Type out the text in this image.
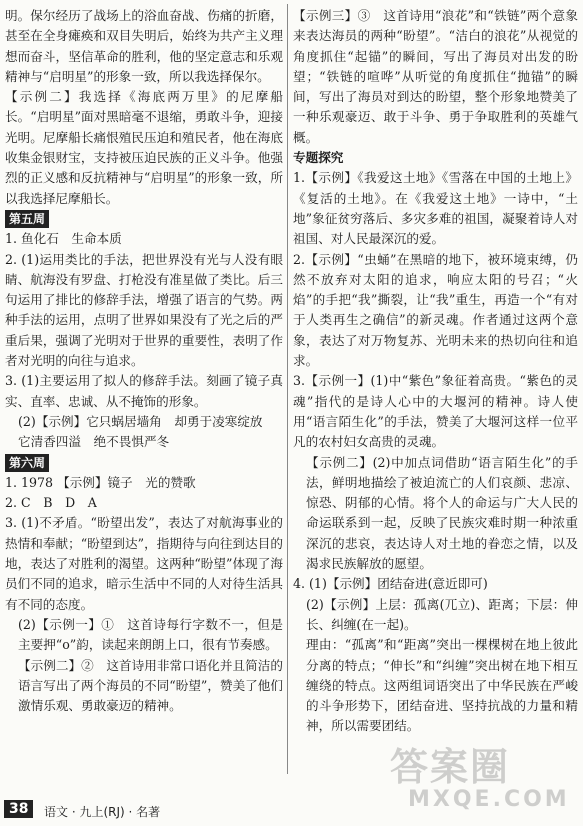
明。保尔经历了战场上的浴血奋战、伤痛的折磨，甚至在全身瘫痪和双目失明后，始终为共产主义理想而奋斗，坚信革命的胜利，他的坚定意志和乐观精神与“启明星”的形象一致，所以我选择保尔。

【示例二】我选择《海底两万里》的尼摩船长。“启明星”面对黑暗毫不退缩，勇敢斗争，迎接光明。尼摩船长痛恨殖民压迫和殖民者，他在海底收集金银财宝，支持被压迫民族的正义斗争。他强烈的正义感和反抗精神与“启明星”的形象一致，所以我选择尼摩船长。

第五周

1. 鱼化石　生命本质

2. (1)运用类比的手法，把世界没有光与人没有眼睛、航海没有罗盘、打枪没有准星做了类比。后三句运用了排比的修辞手法，增强了语言的气势。两种手法的运用，点明了世界如果没有了光之后的严重后果，强调了光明对于世界的重要性，表明了作者对光明的向往与追求。

3. (1)主要运用了拟人的修辞手法。刻画了镜子真实、直率、忠诚、从不掩饰的形象。

(2)【示例】它只蜗居墙角　却勇于凌寒绽放

它清香四溢　绝不畏惧严冬

第六周

1. 1978 【示例】镜子　光的赞歌

2. C　B　D　A

3. (1)不矛盾。“盼望出发”，表达了对航海事业的热情和奉献；“盼望到达”，指期待与向往到达目的地，表达了对胜利的渴望。这两种“盼望”体现了海员们不同的追求，暗示生活中不同的人对待生活具有不同的态度。

(2)【示例一】①　这首诗每行字数不一，但是主要押“o”韵，读起来朗朗上口，很有节奏感。

【示例二】②　这首诗用非常口语化并且简洁的语言写出了两个海员的不同“盼望”，赞美了他们激情乐观、勇敢豪迈的精神。

【示例三】③　这首诗用“浪花”和“铁链”两个意象来表达海员的两种“盼望”。“洁白的浪花”从视觉的角度抓住“起锚”的瞬间，写出了海员对出发的盼望；“铁链的喧哗”从听觉的角度抓住“抛锚”的瞬间，写出了海员对到达的盼望，整个形象地赞美了一种乐观豪迈、敢于斗争、勇于争取胜利的英雄气概。

专题探究

1.【示例】《我爱这土地》《雪落在中国的土地上》《复活的土地》。在《我爱这土地》一诗中，“土地”象征贫穷落后、多灾多难的祖国，凝聚着诗人对祖国、对人民最深沉的爱。

2.【示例】“虫蛹”在黑暗的地下，被环境束缚，仍然不放弃对太阳的追求，响应太阳的号召；“火焰”的手把“我”撕裂，让“我”重生，再造一个“有对于人类再生之确信”的新灵魂。作者通过这两个意象，表达了对万物复苏、光明未来的热切向往和追求。

3.【示例一】(1)中“紫色”象征着高贵。“紫色的灵魂”指代的是诗人心中的大堰河的精神。诗人使用“语言陌生化”的手法，赞美了大堰河这样一位平凡的农村妇女高贵的灵魂。

【示例二】(2)中加点词借助“语言陌生化”的手法，鲜明地描绘了被迫流亡的人们哀颜、悲凉、惊恐、阴郁的心情。将个人的命运与广大人民的命运联系到一起，反映了民族灾难时期一种浓重深沉的悲哀，表达诗人对土地的眷恋之情，以及渴求民族解放的愿望。

4. (1)【示例】团结奋进(意近即可)

(2)【示例】上层：孤离(兀立)、距离；下层：伸长、纠缠(在一起)。

理由：“孤离”和“距离”突出一棵棵树在地上彼此分离的特点；“伸长”和“纠缠”突出树在地下相互缠绕的特点。这两组词语突出了中华民族在严峻的斗争形势下，团结奋进、坚持抗战的力量和精神，所以需要团结。

答案圈
MXQE.COM
38	语文 · 九上(RJ) · 名著
